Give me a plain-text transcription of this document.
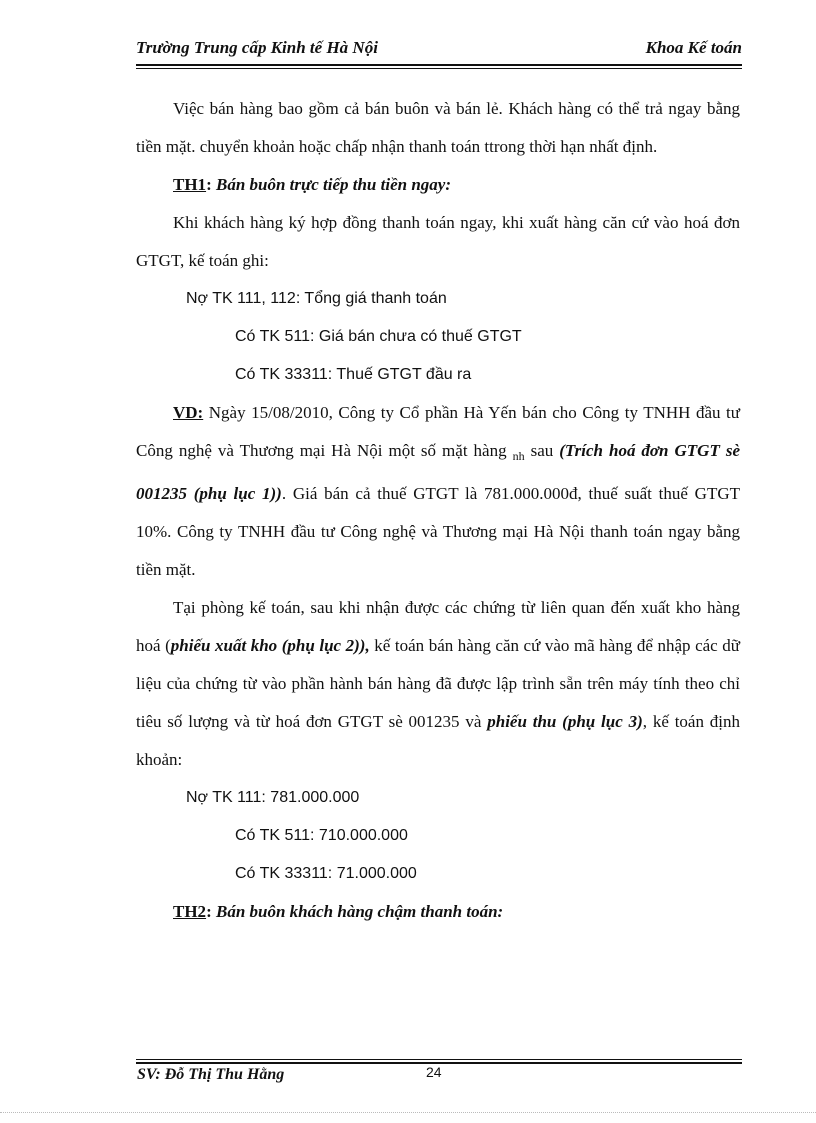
Trường Trung cấp Kinh tế Hà Nội	Khoa Kế toán

Việc bán hàng bao gồm cả bán buôn và bán lẻ. Khách hàng có thể trả ngay bằng tiền mặt. chuyển khoản hoặc chấp nhận thanh toán ttrong thời hạn nhất định.

TH1: Bán buôn trực tiếp thu tiền ngay:

Khi khách hàng ký hợp đồng thanh toán ngay, khi xuất hàng căn cứ vào hoá đơn GTGT, kế toán ghi:

Nợ TK 111, 112: Tổng giá thanh toán

Có TK 511: Giá bán chưa có thuế GTGT

Có TK 33311: Thuế GTGT đầu ra

VD: Ngày 15/08/2010, Công ty Cổ phần Hà Yến bán cho Công ty TNHH đầu tư Công nghệ và Thương mại Hà Nội một số mặt hàng $_{nh}$ sau (Trích hoá đơn GTGT sè 001235 (phụ lục 1)). Giá bán cả thuế GTGT là 781.000.000đ, thuế suất thuế GTGT 10%. Công ty TNHH đầu tư Công nghệ và Thương mại Hà Nội thanh toán ngay bằng tiền mặt.

Tại phòng kế toán, sau khi nhận được các chứng từ liên quan đến xuất kho hàng hoá (phiếu xuất kho (phụ lục 2)), kế toán bán hàng căn cứ vào mã hàng để nhập các dữ liệu của chứng từ vào phần hành bán hàng đã được lập trình sẵn trên máy tính theo chỉ tiêu số lượng và từ hoá đơn GTGT sè 001235 và phiếu thu (phụ lục 3), kế toán định khoản:

Nợ TK 111: 781.000.000

Có TK 511: 710.000.000

Có TK 33311: 71.000.000

TH2: Bán buôn khách hàng chậm thanh toán:

SV: Đỗ Thị Thu Hằng	24
